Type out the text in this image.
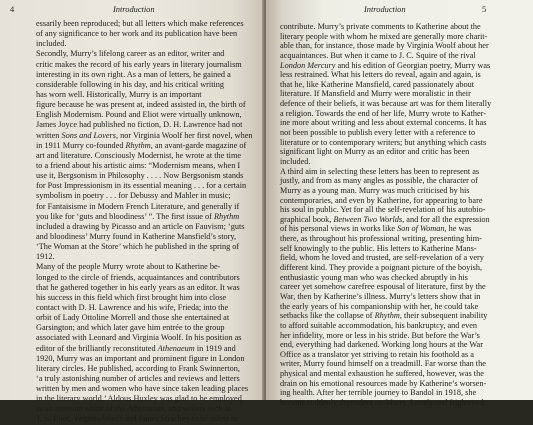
4	Introduction
essarily been reproduced; but all letters which make references
of any significance to her work and its publication have been
included.
Secondly, Murry’s lifelong career as an editor, writer and
critic makes the record of his early years in literary journalism
interesting in its own right. As a man of letters, he gained a
considerable following in his day, and his critical writing
has worn well. Historically, Murry is an important
figure because he was present at, indeed assisted in, the birth of
English Modernism. Pound and Eliot were virtually unknown,
James Joyce had published no fiction, D. H. Lawrence had not
written Sons and Lovers, nor Virginia Woolf her first novel, when
in 1911 Murry co-founded Rhythm, an avant-garde magazine of
art and literature. Consciously Modernist, he wrote at the time
to a friend about his artistic aims: “Modernism means, when I
use it, Bergsonism in Philosophy . . . . Now Bergsonism stands
for Post Impressionism in its essential meaning . . . for a certain
symbolism in poetry . . . for Debussy and Mahler in music;
for Fantaisisme in Modern French Literature, and generally if
you like for ‘guts and bloodiness’ ”. The first issue of Rhythm
included a drawing by Picasso and an article on Fauvism; ‘guts
and bloodiness’ Murry found in Katherine Mansfield’s story,
‘The Woman at the Store’ which he published in the spring of
1912.
Many of the people Murry wrote about to Katherine be-
longed to the circle of friends, acquaintances and contributors
that he gathered together in his early years as an editor. It was
his success in this field which first brought him into close
contact with D. H. Lawrence and his wife, Frieda; into the
orbit of Lady Ottoline Morrell and those she entertained at
Garsington; and which later gave him entrée to the group
associated with Leonard and Virginia Woolf. In his position as
editor of the brilliantly reconstituted Athenaeum in 1919 and
1920, Murry was an important and prominent figure in London
literary circles. He published, according to Frank Swinnerton,
‘a truly astonishing number of articles and reviews and letters
written by men and women who have since taken leading places
in the literary world.’ Aldous Huxley was glad to be employed
as an assistant editor of the Athenaeum, and writers such as
T. S. Eliot, Virginia Woolf and James Strachey to be asked to
Introduction	5
contribute. Murry’s private comments to Katherine about the
literary people with whom he mixed are generally more charit-
able than, for instance, those made by Virginia Woolf about her
acquaintances. But when it came to J. C. Squire of the rival
London Mercury and his edition of Georgian poetry, Murry was
less restrained. What his letters do reveal, again and again, is
that he, like Katherine Mansfield, cared passionately about
literature. If Mansfield and Murry were moralistic in their
defence of their beliefs, it was because art was for them literally
a religion. Towards the end of her life, Murry wrote to Kather-
ine more about writing and less about external concerns. It has
not been possible to publish every letter with a reference to
literature or to contemporary writers; but anything which casts
significant light on Murry as an editor and critic has been
included.
A third aim in selecting these letters has been to represent as
justly, and from as many angles as possible, the character of
Murry as a young man. Murry was much criticised by his
contemporaries, and even by Katherine, for appearing to bare
his soul in public. Yet for all the self-revelation of his autobio-
graphical book, Between Two Worlds, and for all the expression
of his personal views in works like Son of Woman, he was
there, as throughout his professional writing, presenting him-
self knowingly to the public. His letters to Katherine Mans-
field, whom he loved and trusted, are self-revelation of a very
different kind. They provide a poignant picture of the boyish,
enthusiastic young man who was checked abruptly in his
career yet somehow carefree espousal of literature, first by the
War, then by Katherine’s illness. Murry’s letters show that in
the early years of his companionship with her, he could take
setbacks like the collapse of Rhythm, their subsequent inability
to afford suitable accommodation, his bankruptcy, and even
her infidelity, more or less in his stride. But before the War’s
end, everything had darkened. Working long hours at the War
Office as a translator yet striving to retain his foothold as a
writer, Murry found himself on a treadmill. Far worse than the
physical and mental exhaustion he suffered, however, was the
drain on his emotional resources made by Katherine’s worsen-
ing health. After her terrible journey to Bandol in 1918, she
became suddenly dependent on Murry. Lonely and frightened,
